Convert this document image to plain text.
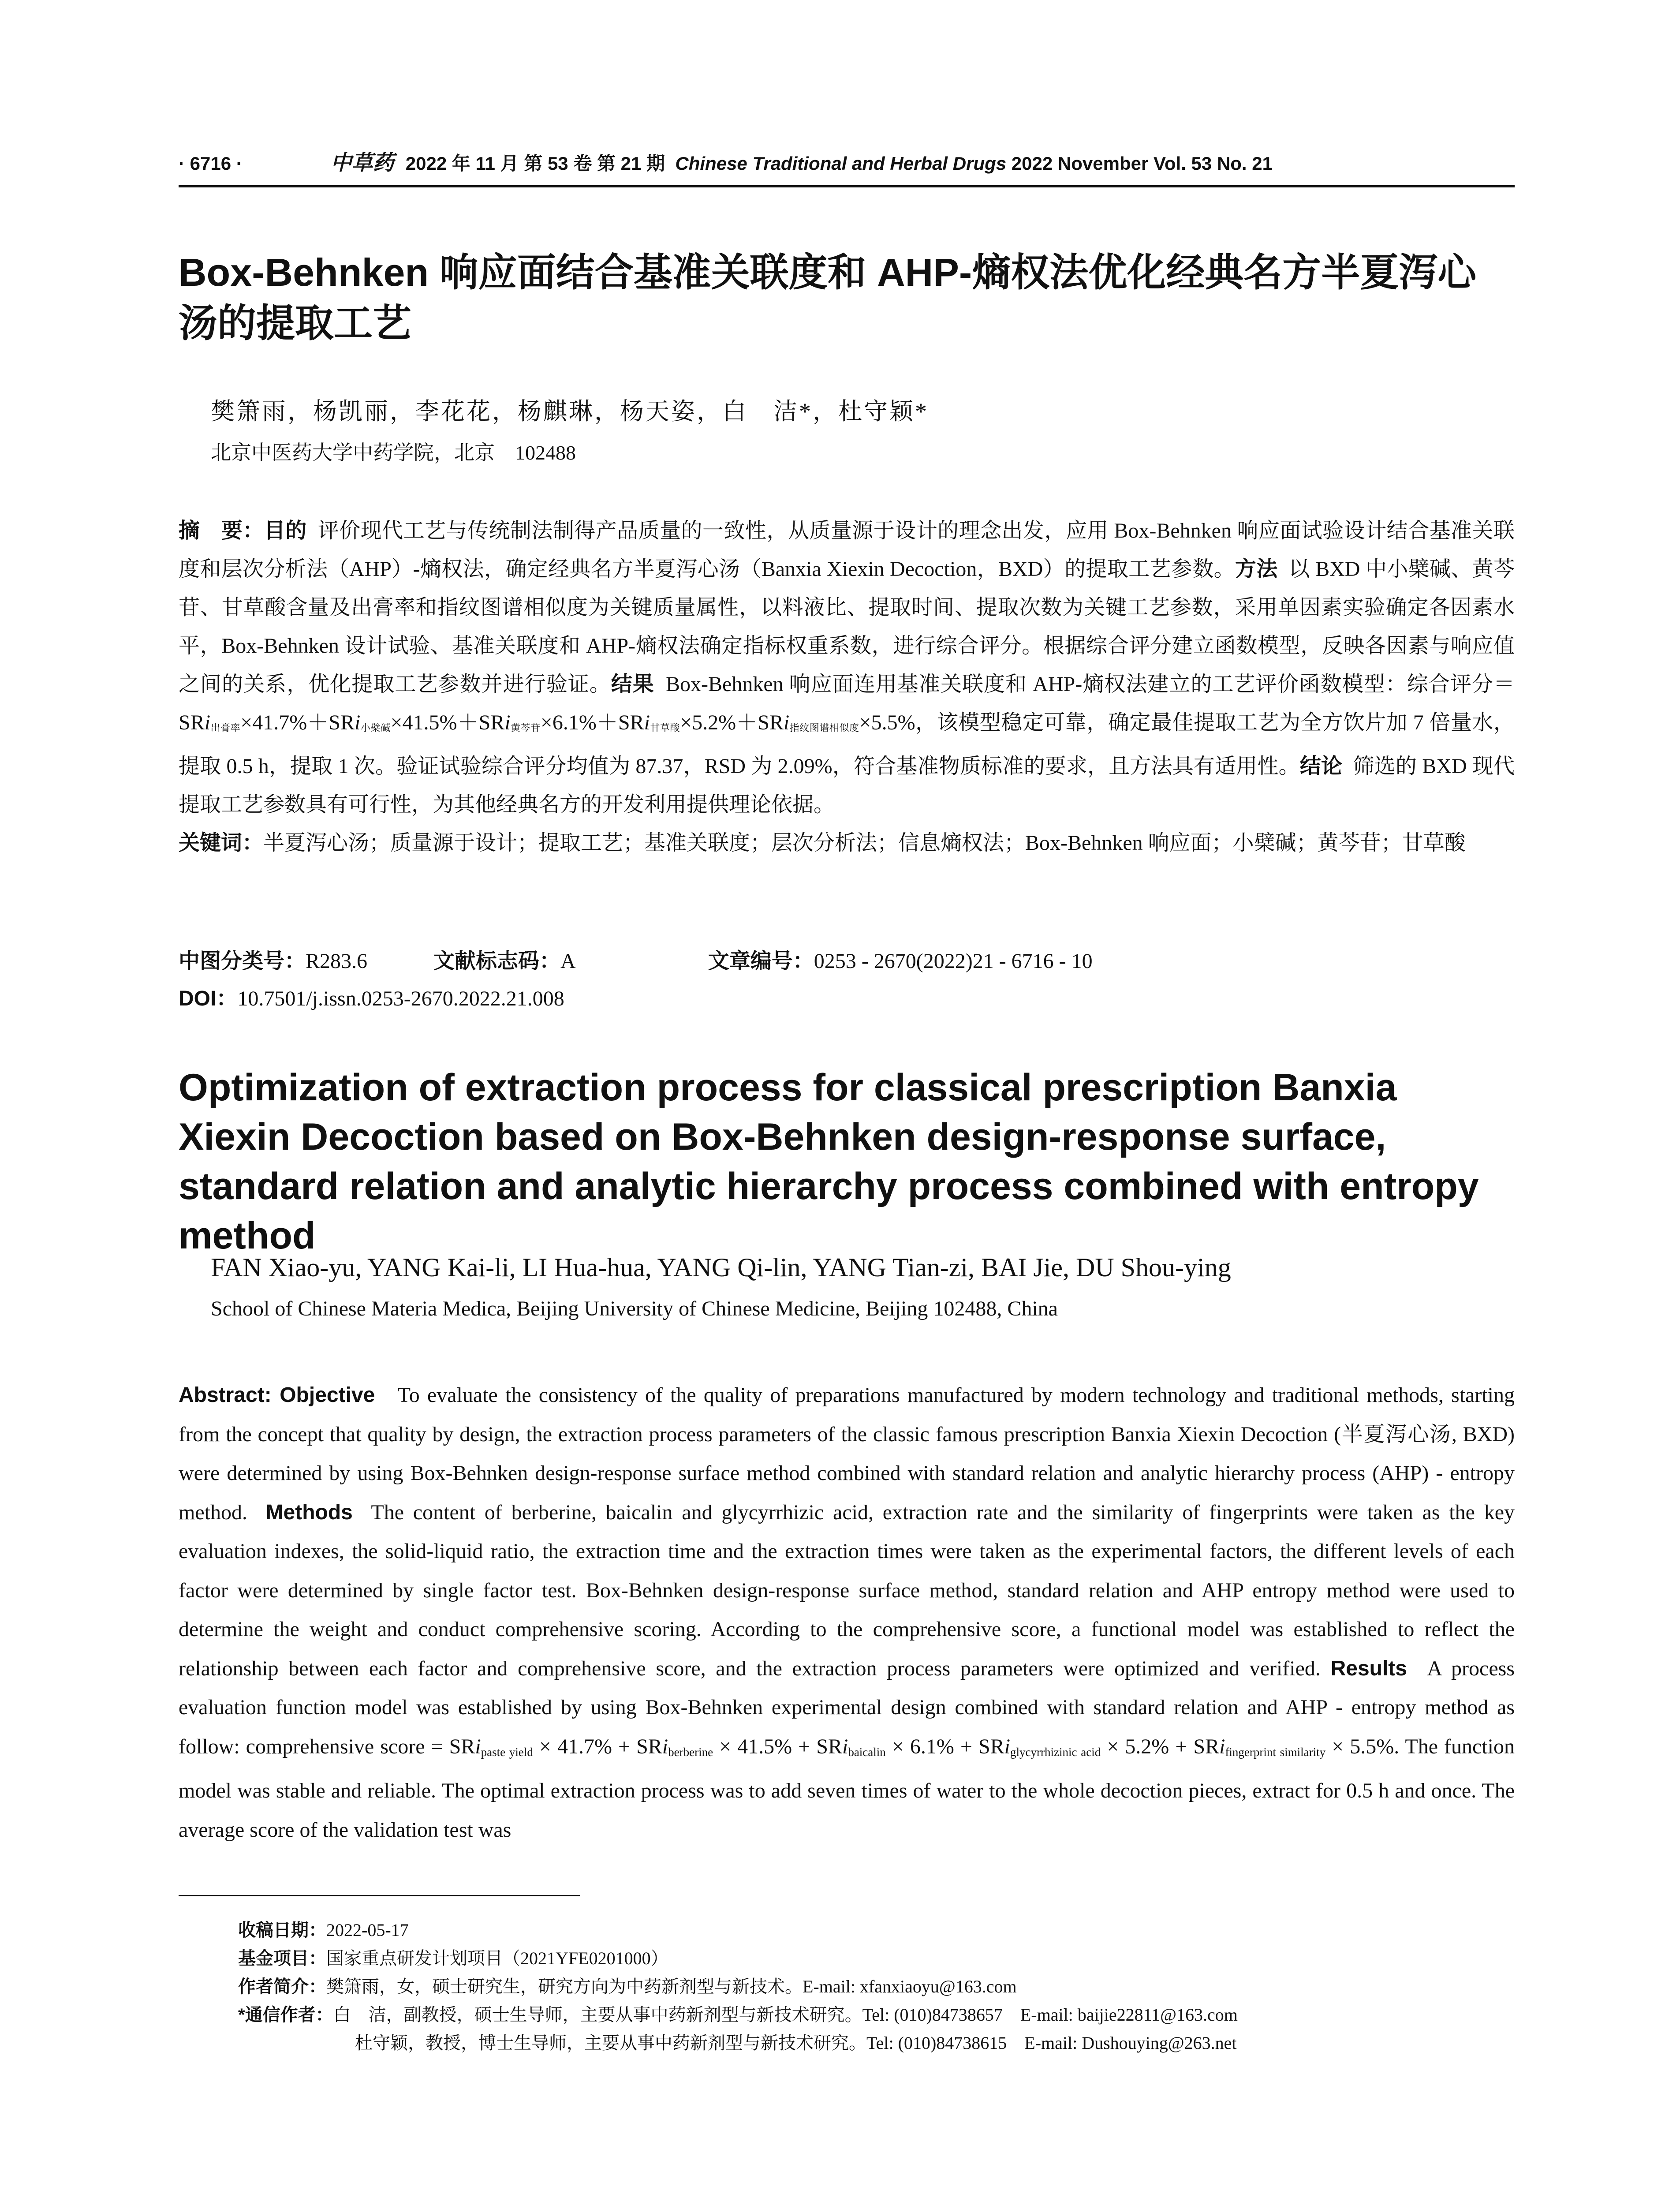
· 6716 ·	中草药 2022 年 11 月 第 53 卷 第 21 期 Chinese Traditional and Herbal Drugs 2022 November Vol. 53 No. 21
Box-Behnken 响应面结合基准关联度和 AHP-熵权法优化经典名方半夏泻心汤的提取工艺
樊箫雨，杨凯丽，李花花，杨麒琳，杨天姿，白　洁*，杜守颖*
北京中医药大学中药学院，北京　102488

摘　要：目的 评价现代工艺与传统制法制得产品质量的一致性，从质量源于设计的理念出发，应用 Box-Behnken 响应面试验设计结合基准关联度和层次分析法（AHP）-熵权法，确定经典名方半夏泻心汤（Banxia Xiexin Decoction，BXD）的提取工艺参数。方法 以 BXD 中小檗碱、黄芩苷、甘草酸含量及出膏率和指纹图谱相似度为关键质量属性，以料液比、提取时间、提取次数为关键工艺参数，采用单因素实验确定各因素水平，Box-Behnken 设计试验、基准关联度和 AHP-熵权法确定指标权重系数，进行综合评分。根据综合评分建立函数模型，反映各因素与响应值之间的关系，优化提取工艺参数并进行验证。结果 Box-Behnken 响应面连用基准关联度和 AHP-熵权法建立的工艺评价函数模型：综合评分＝SRi$_{出膏率}$×41.7%＋SRi$_{小檗碱}$×41.5%＋SRi$_{黄芩苷}$×6.1%＋SRi$_{甘草酸}$×5.2%＋SRi$_{指纹图谱相似度}$×5.5%，该模型稳定可靠，确定最佳提取工艺为全方饮片加 7 倍量水，提取 0.5 h，提取 1 次。验证试验综合评分均值为 87.37，RSD 为 2.09%，符合基准物质标准的要求，且方法具有适用性。结论 筛选的 BXD 现代提取工艺参数具有可行性，为其他经典名方的开发利用提供理论依据。

关键词：半夏泻心汤；质量源于设计；提取工艺；基准关联度；层次分析法；信息熵权法；Box-Behnken 响应面；小檗碱；黄芩苷；甘草酸

中图分类号：R283.6	文献标志码：A	文章编号：0253 - 2670(2022)21 - 6716 - 10
DOI：10.7501/j.issn.0253-2670.2022.21.008
Optimization of extraction process for classical prescription Banxia Xiexin Decoction based on Box-Behnken design-response surface, standard relation and analytic hierarchy process combined with entropy method
FAN Xiao-yu, YANG Kai-li, LI Hua-hua, YANG Qi-lin, YANG Tian-zi, BAI Jie, DU Shou-ying
School of Chinese Materia Medica, Beijing University of Chinese Medicine, Beijing 102488, China
Abstract: Objective To evaluate the consistency of the quality of preparations manufactured by modern technology and traditional methods, starting from the concept that quality by design, the extraction process parameters of the classic famous prescription Banxia Xiexin Decoction (半夏泻心汤, BXD) were determined by using Box-Behnken design-response surface method combined with standard relation and analytic hierarchy process (AHP) - entropy method. Methods The content of berberine, baicalin and glycyrrhizic acid, extraction rate and the similarity of fingerprints were taken as the key evaluation indexes, the solid-liquid ratio, the extraction time and the extraction times were taken as the experimental factors, the different levels of each factor were determined by single factor test. Box-Behnken design-response surface method, standard relation and AHP entropy method were used to determine the weight and conduct comprehensive scoring. According to the comprehensive score, a functional model was established to reflect the relationship between each factor and comprehensive score, and the extraction process parameters were optimized and verified. Results A process evaluation function model was established by using Box-Behnken experimental design combined with standard relation and AHP - entropy method as follow: comprehensive score = SRi$_{paste yield}$ × 41.7% + SRi$_{berberine}$ × 41.5% + SRi$_{baicalin}$ × 6.1% + SRi$_{glycyrrhizinic acid}$ × 5.2% + SRi$_{fingerprint similarity}$ × 5.5%. The function model was stable and reliable. The optimal extraction process was to add seven times of water to the whole decoction pieces, extract for 0.5 h and once. The average score of the validation test was
收稿日期：2022-05-17
基金项目：国家重点研发计划项目（2021YFE0201000）
作者简介：樊箫雨，女，硕士研究生，研究方向为中药新剂型与新技术。E-mail: xfanxiaoyu@163.com
*通信作者：白　洁，副教授，硕士生导师，主要从事中药新剂型与新技术研究。Tel: (010)84738657　E-mail: baijie22811@163.com
杜守颖，教授，博士生导师，主要从事中药新剂型与新技术研究。Tel: (010)84738615　E-mail: Dushouying@263.net
